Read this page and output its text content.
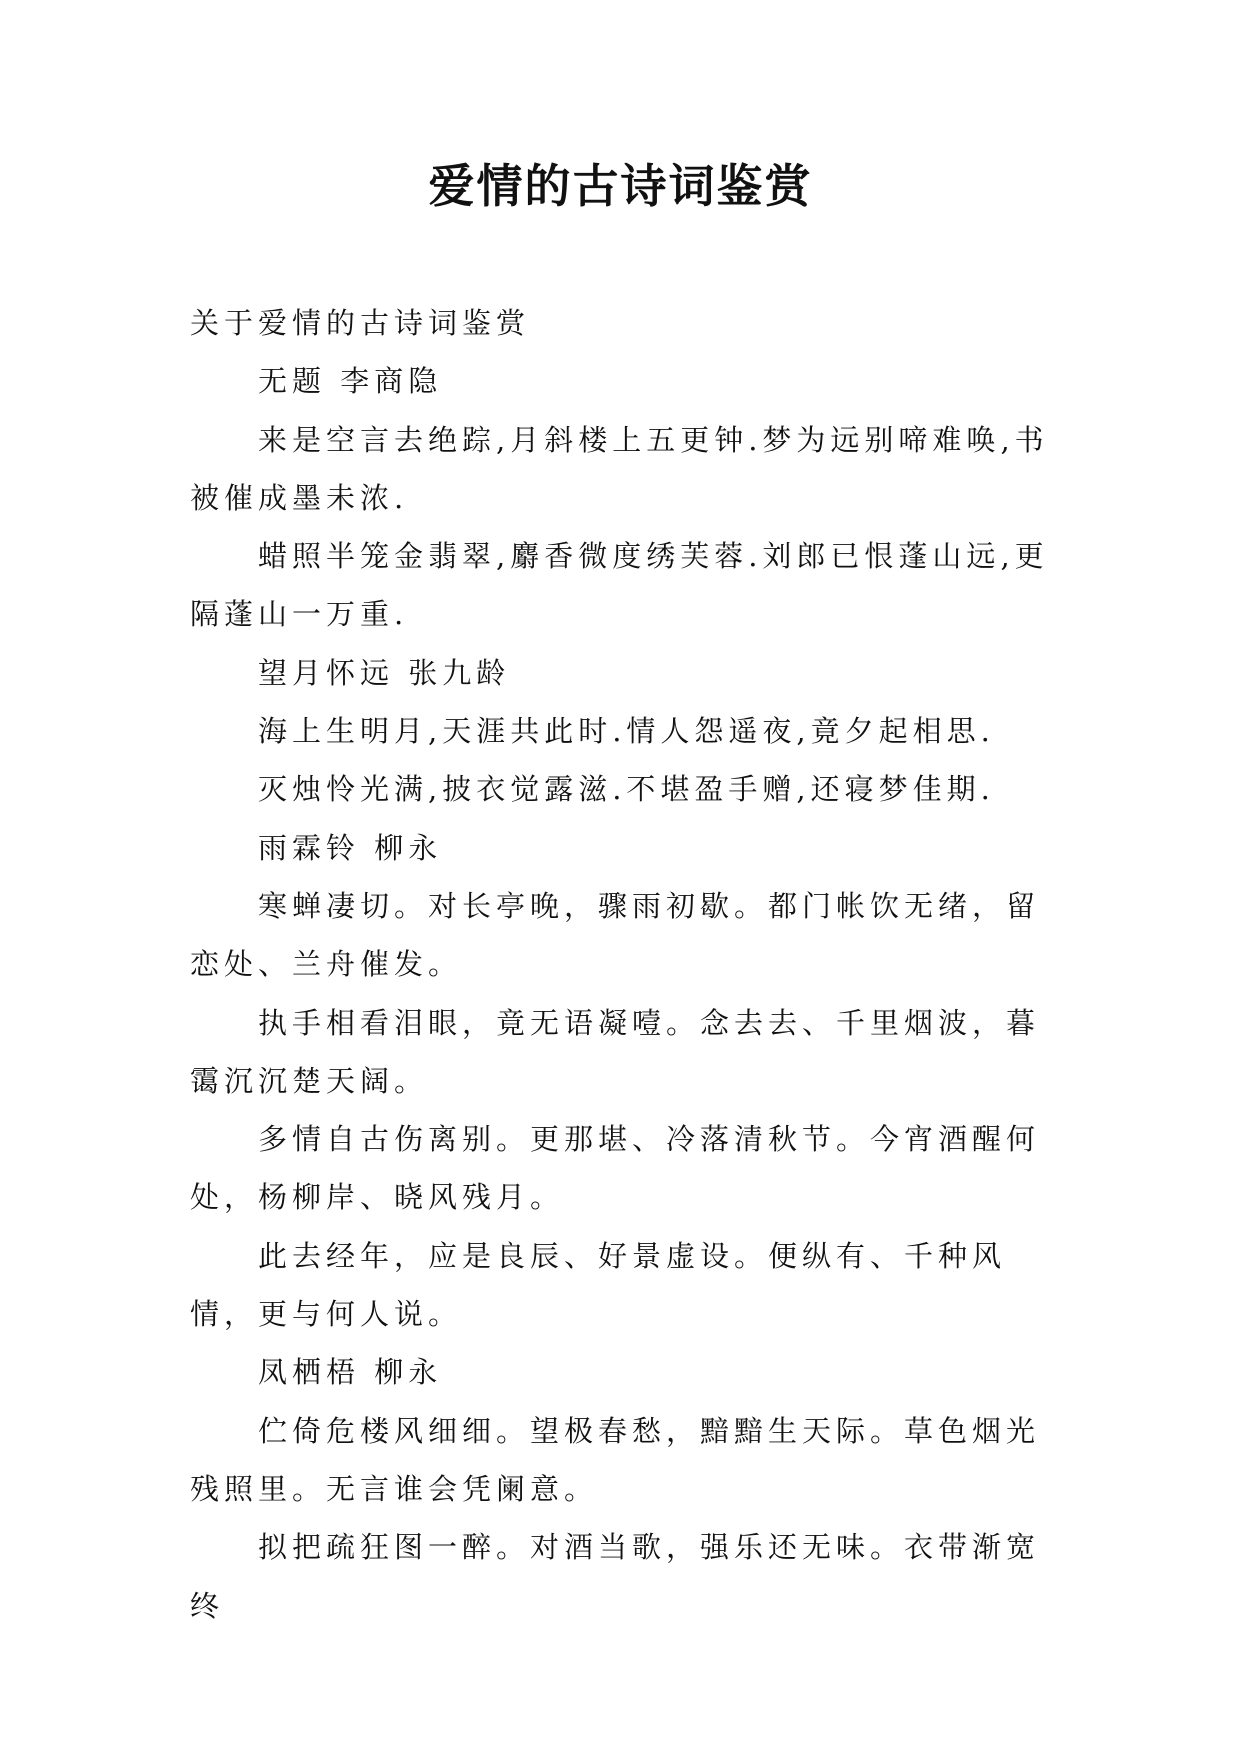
爱情的古诗词鉴赏

关于爱情的古诗词鉴赏

无题 李商隐

来是空言去绝踪,月斜楼上五更钟.梦为远别啼难唤,书被催成墨未浓.

蜡照半笼金翡翠,麝香微度绣芙蓉.刘郎已恨蓬山远,更隔蓬山一万重.

望月怀远 张九龄

海上生明月,天涯共此时.情人怨遥夜,竟夕起相思.

灭烛怜光满,披衣觉露滋.不堪盈手赠,还寝梦佳期.

雨霖铃 柳永

寒蝉凄切。对长亭晚，骤雨初歇。都门帐饮无绪，留恋处、兰舟催发。

执手相看泪眼，竟无语凝噎。念去去、千里烟波，暮霭沉沉楚天阔。

多情自古伤离别。更那堪、冷落清秋节。今宵酒醒何处，杨柳岸、晓风残月。

此去经年，应是良辰、好景虚设。便纵有、千种风情，更与何人说。

凤栖梧 柳永

伫倚危楼风细细。望极春愁，黯黯生天际。草色烟光残照里。无言谁会凭阑意。

拟把疏狂图一醉。对酒当歌，强乐还无味。衣带渐宽终
